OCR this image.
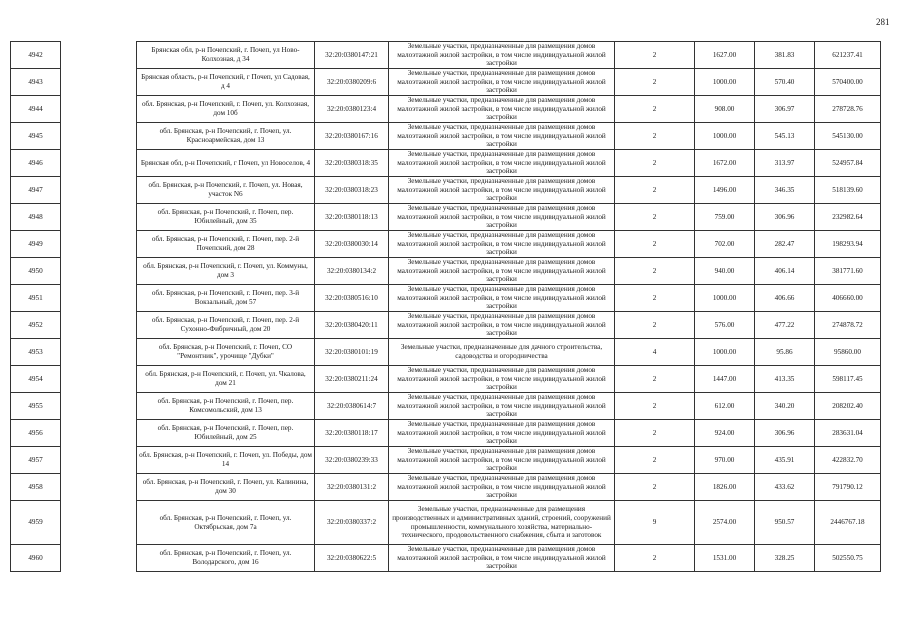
281
4942		Брянская обл, р-н Почепский, г. Почеп, ул Ново-Колхозная, д 34	32:20:0380147:21	Земельные участки, предназначенные для размещения домов малоэтажной жилой застройки, в том числе индивидуальной жилой застройки	2	1627.00	381.83	621237.41
4943		Брянская область, р-н Почепский, г Почеп, ул Садовая, д 4	32:20:0380209:6	Земельные участки, предназначенные для размещения домов малоэтажной жилой застройки, в том числе индивидуальной жилой застройки	2	1000.00	570.40	570400.00
4944		обл. Брянская, р-н Почепский, г. Почеп, ул. Колхозная, дом 10б	32:20:0380123:4	Земельные участки, предназначенные для размещения домов малоэтажной жилой застройки, в том числе индивидуальной жилой застройки	2	908.00	306.97	278728.76
4945		обл. Брянская, р-н Почепский, г. Почеп, ул. Красноармейская, дом 13	32:20:0380167:16	Земельные участки, предназначенные для размещения домов малоэтажной жилой застройки, в том числе индивидуальной жилой застройки	2	1000.00	545.13	545130.00
4946		Брянская обл, р-н Почепский, г Почеп, ул Новоселов, 4	32:20:0380318:35	Земельные участки, предназначенные для размещения домов малоэтажной жилой застройки, в том числе индивидуальной жилой застройки	2	1672.00	313.97	524957.84
4947		обл. Брянская, р-н Почепский, г. Почеп, ул. Новая, участок N6	32:20:0380318:23	Земельные участки, предназначенные для размещения домов малоэтажной жилой застройки, в том числе индивидуальной жилой застройки	2	1496.00	346.35	518139.60
4948		обл. Брянская, р-н Почепский, г. Почеп, пер. Юбилейный, дом 35	32:20:0380118:13	Земельные участки, предназначенные для размещения домов малоэтажной жилой застройки, в том числе индивидуальной жилой застройки	2	759.00	306.96	232982.64
4949		обл. Брянская, р-н Почепский, г. Почеп, пер. 2-й Почепский, дом 28	32:20:0380030:14	Земельные участки, предназначенные для размещения домов малоэтажной жилой застройки, в том числе индивидуальной жилой застройки	2	702.00	282.47	198293.94
4950		обл. Брянская, р-н Почепский, г. Почеп, ул. Коммуны, дом 3	32:20:0380134:2	Земельные участки, предназначенные для размещения домов малоэтажной жилой застройки, в том числе индивидуальной жилой застройки	2	940.00	406.14	381771.60
4951		обл. Брянская, р-н Почепский, г. Почеп, пер. 3-й Вокзальный, дом 57	32:20:0380516:10	Земельные участки, предназначенные для размещения домов малоэтажной жилой застройки, в том числе индивидуальной жилой застройки	2	1000.00	406.66	406660.00
4952		обл. Брянская, р-н Почепский, г. Почеп, пер. 2-й Сухонно-Фибричный, дом 20	32:20:0380420:11	Земельные участки, предназначенные для размещения домов малоэтажной жилой застройки, в том числе индивидуальной жилой застройки	2	576.00	477.22	274878.72
4953		обл. Брянская, р-н Почепский, г. Почеп, СО "Ремонтник", урочище "Дубки"	32:20:0380101:19	Земельные участки, предназначенные для дачного строительства, садоводства и огородничества	4	1000.00	95.86	95860.00
4954		обл. Брянская, р-н Почепский, г. Почеп, ул. Чкалова, дом 21	32:20:0380211:24	Земельные участки, предназначенные для размещения домов малоэтажной жилой застройки, в том числе индивидуальной жилой застройки	2	1447.00	413.35	598117.45
4955		обл. Брянская, р-н Почепский, г. Почеп, пер. Комсомольский, дом 13	32:20:0380614:7	Земельные участки, предназначенные для размещения домов малоэтажной жилой застройки, в том числе индивидуальной жилой застройки	2	612.00	340.20	208202.40
4956		обл. Брянская, р-н Почепский, г. Почеп, пер. Юбилейный, дом 25	32:20:0380118:17	Земельные участки, предназначенные для размещения домов малоэтажной жилой застройки, в том числе индивидуальной жилой застройки	2	924.00	306.96	283631.04
4957		обл. Брянская, р-н Почепский, г. Почеп, ул. Победы, дом 14	32:20:0380239:33	Земельные участки, предназначенные для размещения домов малоэтажной жилой застройки, в том числе индивидуальной жилой застройки	2	970.00	435.91	422832.70
4958		обл. Брянская, р-н Почепский, г. Почеп, ул. Калинина, дом 30	32:20:0380131:2	Земельные участки, предназначенные для размещения домов малоэтажной жилой застройки, в том числе индивидуальной жилой застройки	2	1826.00	433.62	791790.12
4959		обл. Брянская, р-н Почепский, г. Почеп, ул. Октябрьская, дом 7а	32:20:0380337:2	Земельные участки, предназначенные для размещения производственных и административных зданий, строений, сооружений промышленности, коммунального хозяйства, материально-технического, продовольственного снабжения, сбыта и заготовок	9	2574.00	950.57	2446767.18
4960		обл. Брянская, р-н Почепский, г. Почеп, ул. Володарского, дом 16	32:20:0380622:5	Земельные участки, предназначенные для размещения домов малоэтажной жилой застройки, в том числе индивидуальной жилой застройки	2	1531.00	328.25	502550.75
